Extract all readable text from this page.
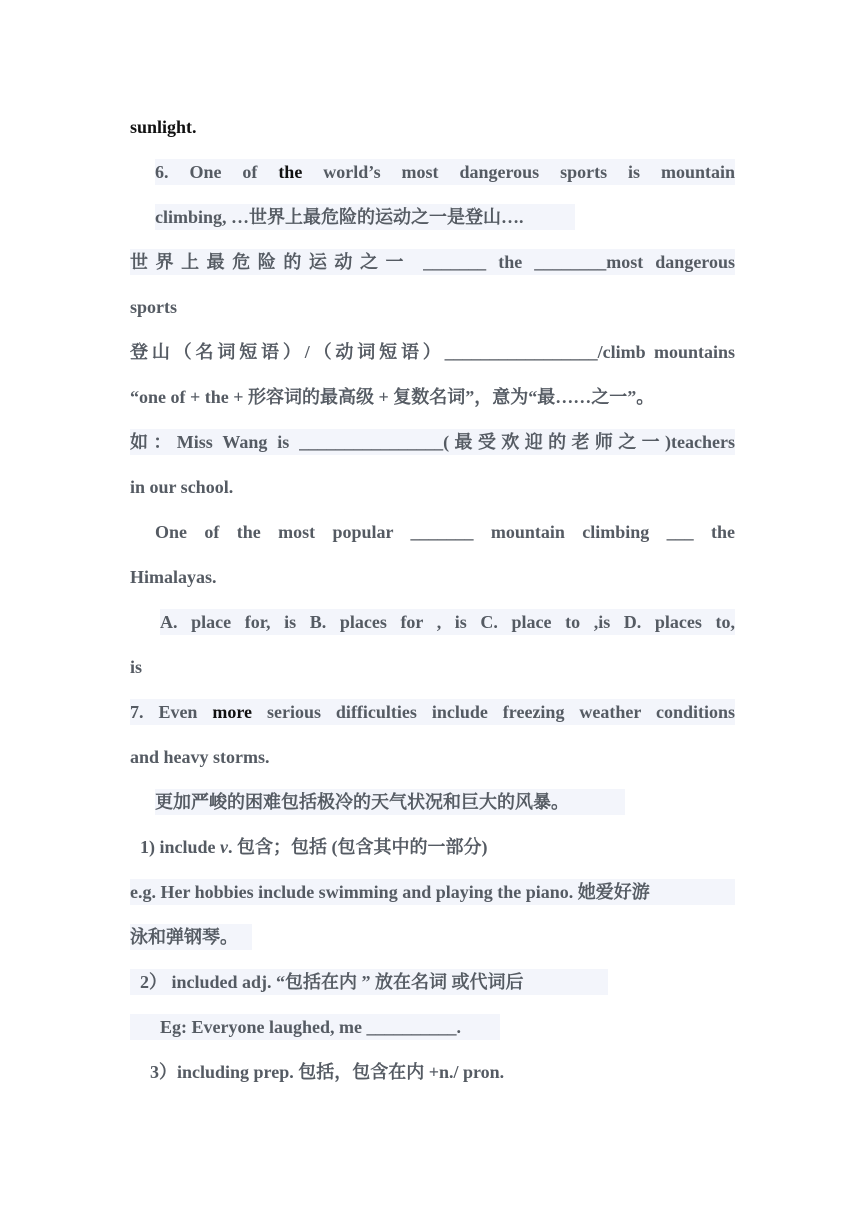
sunlight.
6. One of the world’s most dangerous sports is mountain
climbing, …世界上最危险的运动之一是登山….
世界上最危险的运动之一 _______ the ________most dangerous
sports
登山（名词短语）/（动词短语）_________________/climb mountains
“one of + the + 形容词的最高级 + 复数名词”，意为“最……之一”。
如：Miss Wang is ________________(最受欢迎的老师之一)teachers
in our school.
One of the most popular _______ mountain climbing ___ the
Himalayas.
A. place for, is B. places for , is C. place to ,is D. places to,
is
7. Even more serious difficulties include freezing weather conditions
and heavy storms.
更加严峻的困难包括极冷的天气状况和巨大的风暴。
1) include v. 包含；包括 (包含其中的一部分)
e.g. Her hobbies include swimming and playing the piano. 她爱好游
泳和弹钢琴。
2） included adj. “包括在内 ” 放在名词 或代词后
Eg: Everyone laughed, me __________.
3）including prep. 包括，包含在内 +n./ pron.
